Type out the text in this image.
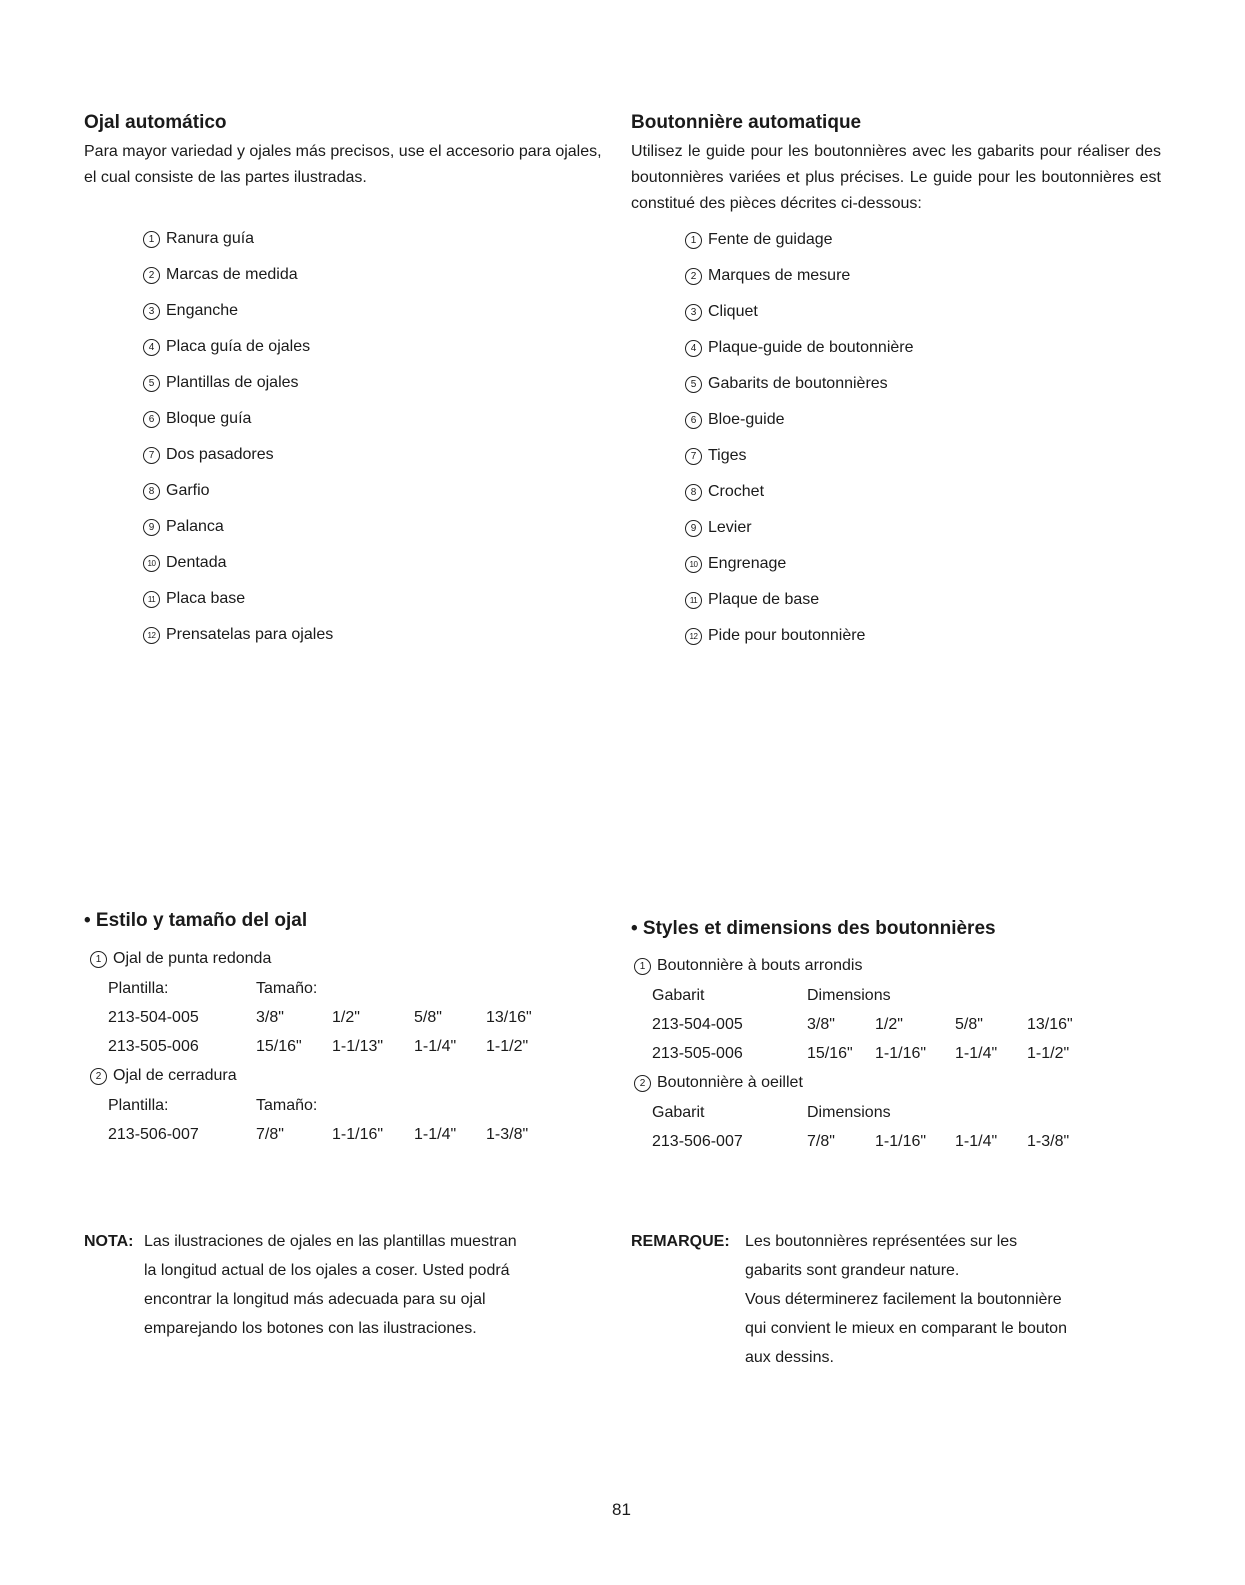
Ojal automático
Para mayor variedad y ojales más precisos, use el accesorio para ojales, el cual consiste de las partes ilustradas.
1 Ranura guía
2 Marcas de medida
3 Enganche
4 Placa guía de ojales
5 Plantillas de ojales
6 Bloque guía
7 Dos pasadores
8 Garfio
9 Palanca
10 Dentada
11 Placa base
12 Prensatelas para ojales
Boutonnière automatique
Utilisez le guide pour les boutonnières avec les gabarits pour réaliser des boutonnières variées et plus précises. Le guide pour les boutonnières est constitué des pièces décrites ci-dessous:
1 Fente de guidage
2 Marques de mesure
3 Cliquet
4 Plaque-guide de boutonnière
5 Gabarits de boutonnières
6 Bloe-guide
7 Tiges
8 Crochet
9 Levier
10 Engrenage
11 Plaque de base
12 Pide pour boutonnière
• Estilo y tamaño del ojal
1 Ojal de punta redonda
Plantilla:	Tamaño:			
213-504-005	3/8"	1/2"	5/8"	13/16"
213-505-006	15/16"	1-1/13"	1-1/4"	1-1/2"
2 Ojal de cerradura
Plantilla:	Tamaño:			
213-506-007	7/8"	1-1/16"	1-1/4"	1-3/8"
• Styles et dimensions des boutonnières
1 Boutonnière à bouts arrondis
Gabarit	Dimensions			
213-504-005	3/8"	1/2"	5/8"	13/16"
213-505-006	15/16"	1-1/16"	1-1/4"	1-1/2"
2 Boutonnière à oeillet
Gabarit	Dimensions			
213-506-007	7/8"	1-1/16"	1-1/4"	1-3/8"
NOTA: Las ilustraciones de ojales en las plantillas muestran
la longitud actual de los ojales a coser. Usted podrá
encontrar la longitud más adecuada para su ojal
emparejando los botones con las ilustraciones.
REMARQUE: Les boutonnières représentées sur les
gabarits sont grandeur nature.
Vous déterminerez facilement la boutonnière
qui convient le mieux en comparant le bouton
aux dessins.
81
